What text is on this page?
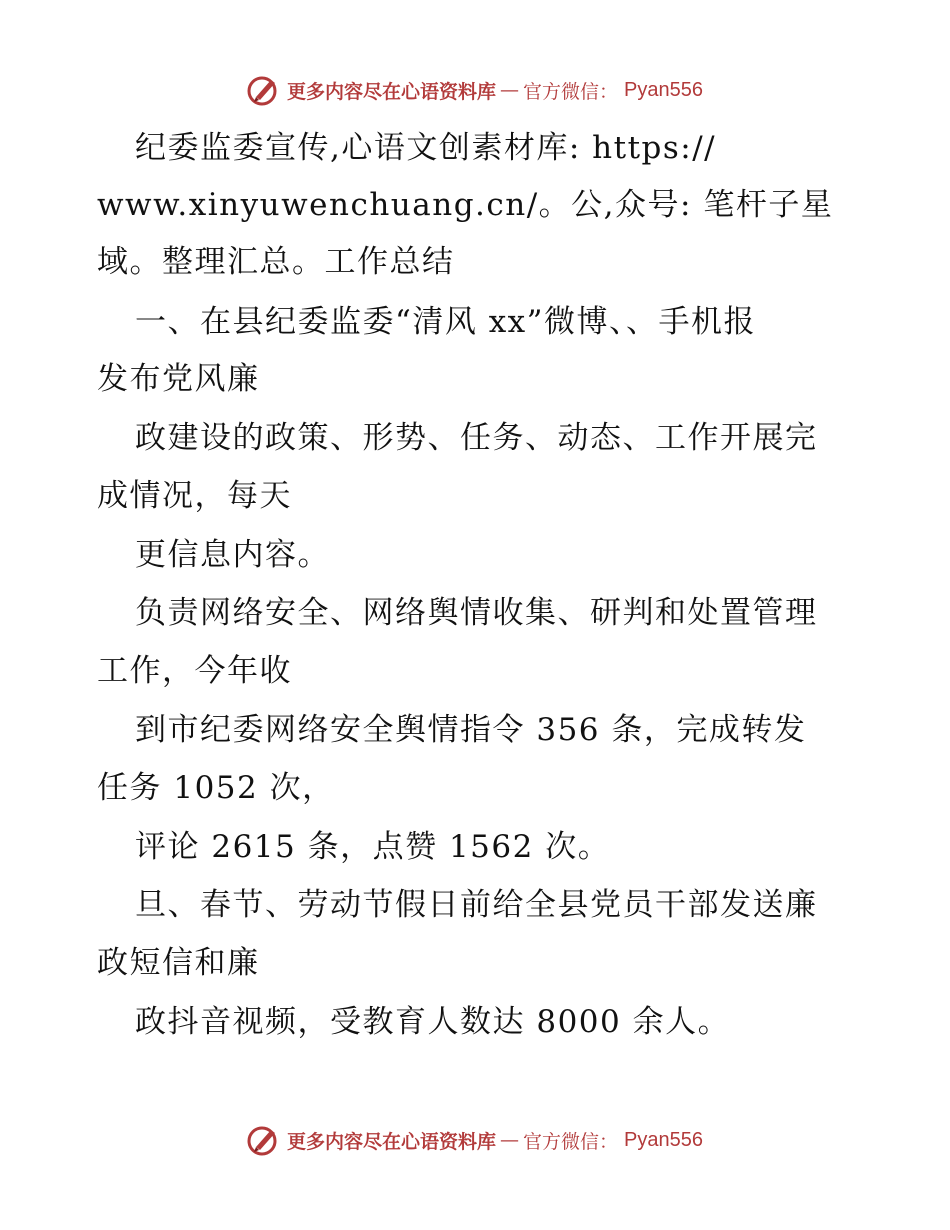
更多内容尽在心语资料库 — 官方微信： Pyan556
纪委监委宣传,心语文创素材库: https://
www.xinyuwenchuang.cn/。公,众号: 笔杆子星
域。整理汇总。工作总结
一、在县纪委监委“清风 xx”微博、、手机报
发布党风廉
政建设的政策、形势、任务、动态、工作开展完
成情况，每天
更信息内容。
负责网络安全、网络舆情收集、研判和处置管理
工作，今年收
到市纪委网络安全舆情指令 356 条，完成转发
任务 1052 次，
评论 2615 条，点赞 1562 次。
旦、春节、劳动节假日前给全县党员干部发送廉
政短信和廉
政抖音视频，受教育人数达 8000 余人。
更多内容尽在心语资料库 — 官方微信： Pyan556
